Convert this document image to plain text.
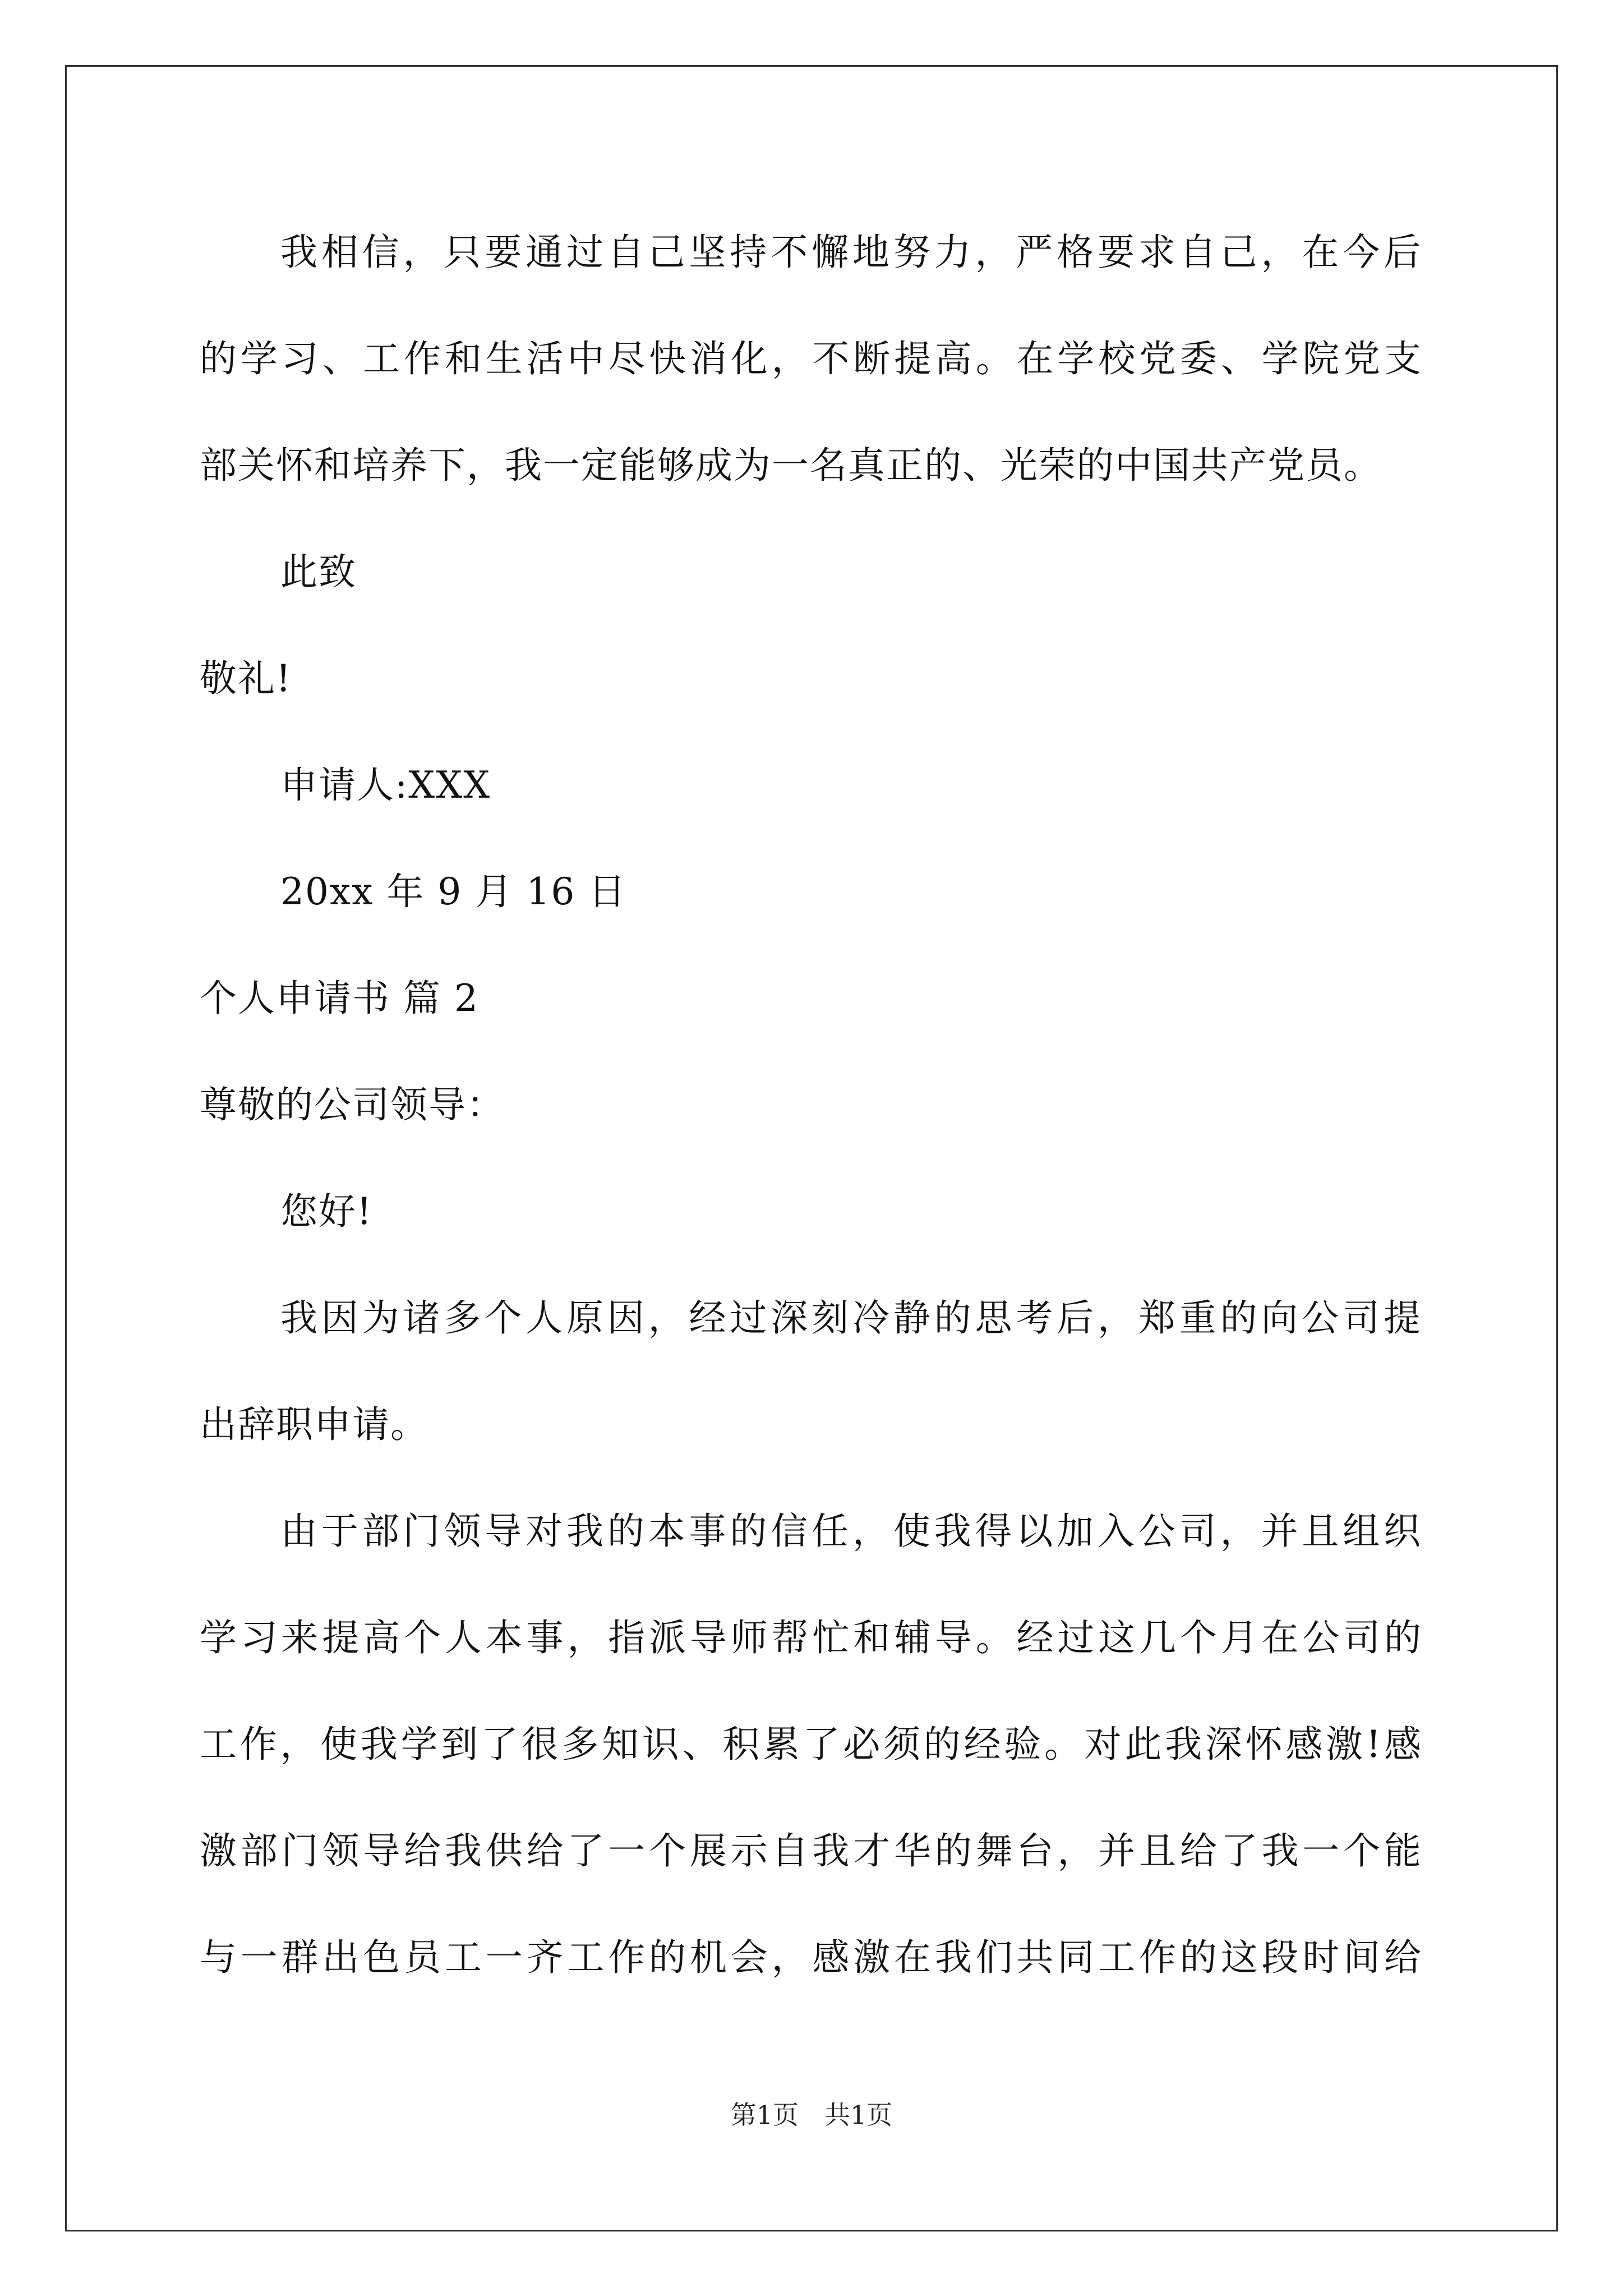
我相信，只要通过自己坚持不懈地努力，严格要求自己，在今后
的学习、工作和生活中尽快消化，不断提高。在学校党委、学院党支
部关怀和培养下，我一定能够成为一名真正的、光荣的中国共产党员。
此致
敬礼!
申请人:XXX
20xx 年 9 月 16 日
个人申请书 篇 2
尊敬的公司领导：
您好!
我因为诸多个人原因，经过深刻冷静的思考后，郑重的向公司提
出辞职申请。
由于部门领导对我的本事的信任，使我得以加入公司，并且组织
学习来提高个人本事，指派导师帮忙和辅导。经过这几个月在公司的
工作，使我学到了很多知识、积累了必须的经验。对此我深怀感激!感
激部门领导给我供给了一个展示自我才华的舞台，并且给了我一个能
与一群出色员工一齐工作的机会，感激在我们共同工作的这段时间给
第1页　共1页
